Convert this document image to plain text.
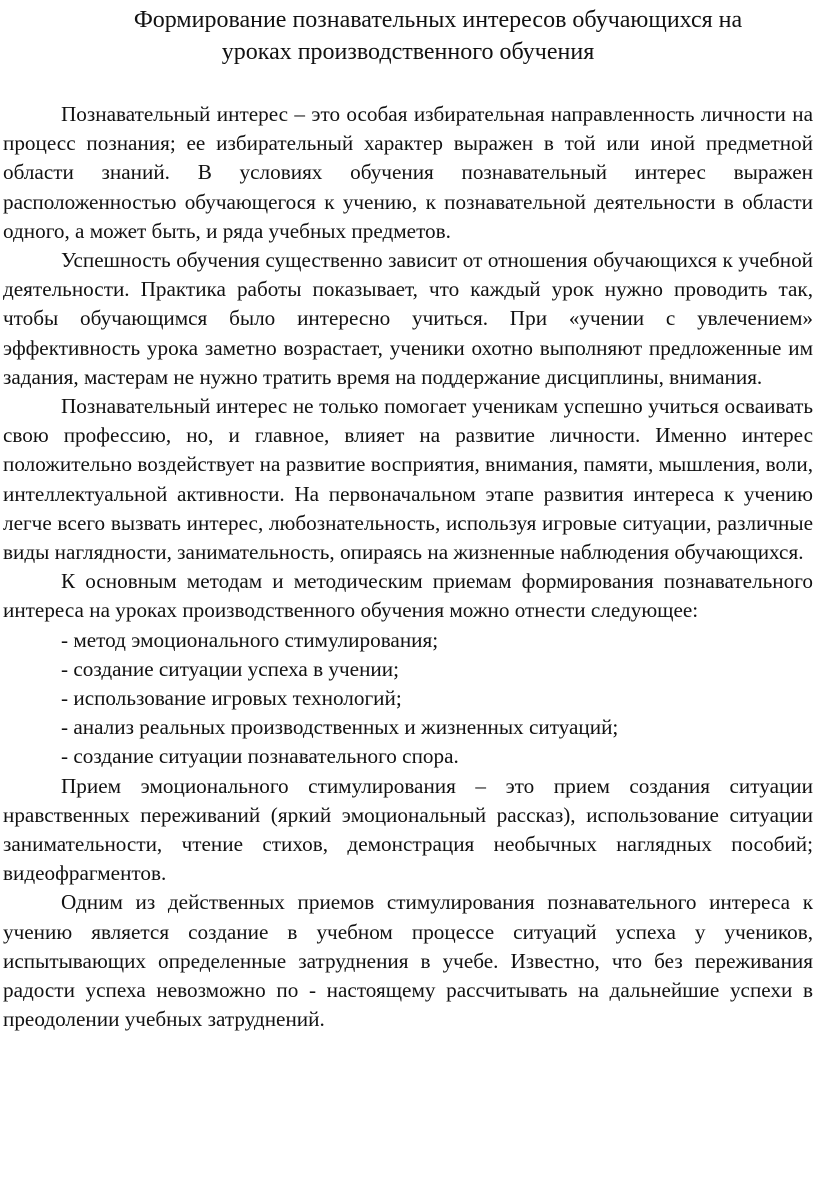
Формирование познавательных интересов обучающихся на
уроках производственного обучения

Познавательный интерес – это особая избирательная направленность личности на процесс познания; ее избирательный характер выражен в той или иной предметной области знаний. В условиях обучения познавательный интерес выражен расположенностью обучающегося к учению, к познавательной деятельности в области одного, а может быть, и ряда учебных предметов.

Успешность обучения существенно зависит от отношения обучающихся к учебной деятельности. Практика работы показывает, что каждый урок нужно проводить так, чтобы обучающимся было интересно учиться. При «учении с увлечением» эффективность урока заметно возрастает, ученики охотно выполняют предложенные им задания, мастерам не нужно тратить время на поддержание дисциплины, внимания.

Познавательный интерес не только помогает ученикам успешно учиться осваивать свою профессию, но, и главное, влияет на развитие личности. Именно интерес положительно воздействует на развитие восприятия, внимания, памяти, мышления, воли, интеллектуальной активности. На первоначальном этапе развития интереса к учению легче всего вызвать интерес, любознательность, используя игровые ситуации, различные виды наглядности, занимательность, опираясь на жизненные наблюдения обучающихся.

К основным методам и методическим приемам формирования познавательного интереса на уроках производственного обучения можно отнести следующее:

- метод эмоционального стимулирования;

- создание ситуации успеха в учении;

- использование игровых технологий;

- анализ реальных производственных и жизненных ситуаций;

- создание ситуации познавательного спора.

Прием эмоционального стимулирования – это прием создания ситуации нравственных переживаний (яркий эмоциональный рассказ), использование ситуации занимательности, чтение стихов, демонстрация необычных наглядных пособий; видеофрагментов.

Одним из действенных приемов стимулирования познавательного интереса к учению является создание в учебном процессе ситуаций успеха у учеников, испытывающих определенные затруднения в учебе. Известно, что без переживания радости успеха невозможно по - настоящему рассчитывать на дальнейшие успехи в преодолении учебных затруднений.
